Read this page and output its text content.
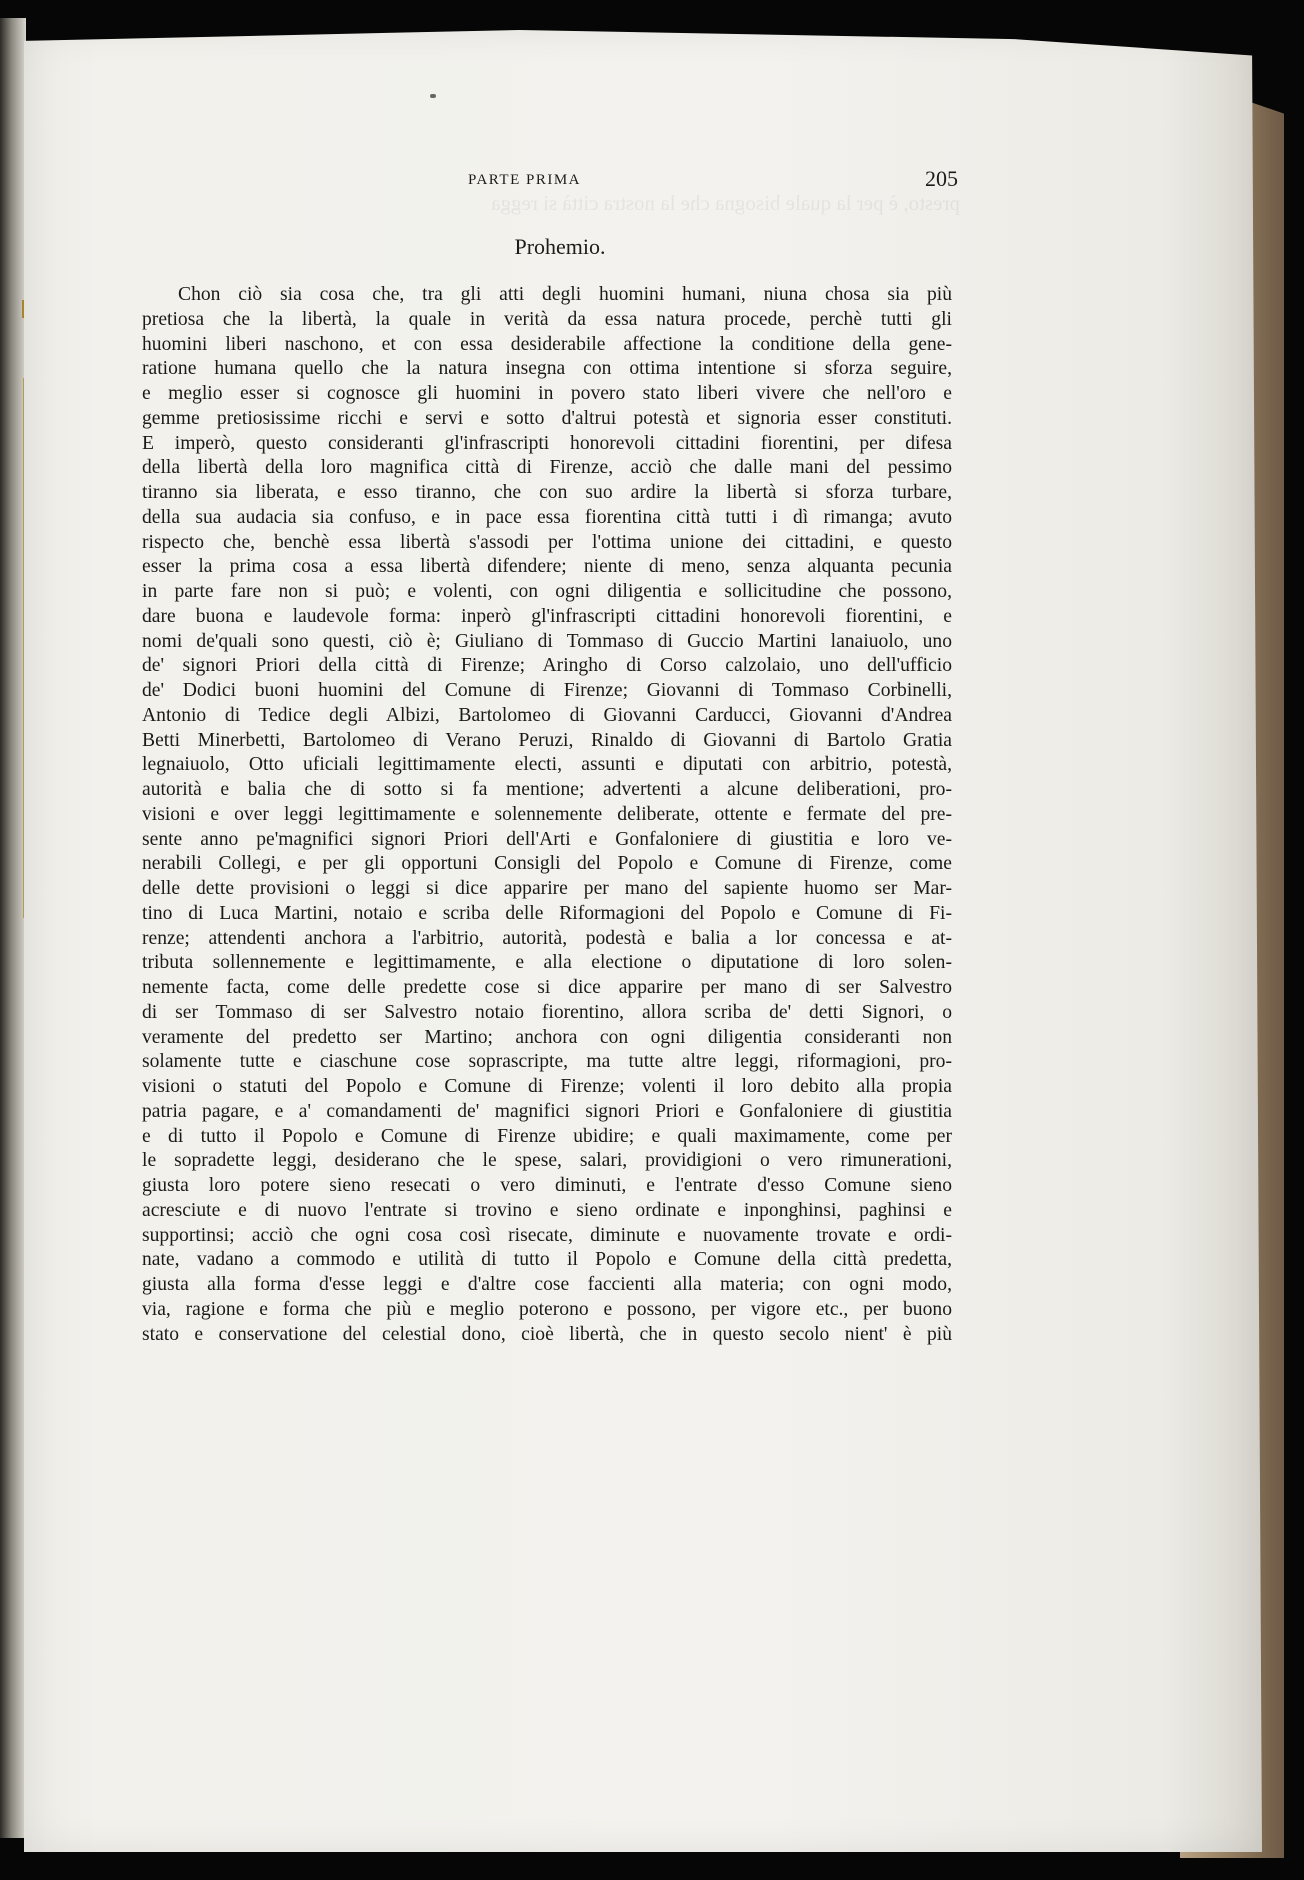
presto, è per la quale bisogna che la nostra città si regga
PARTE PRIMA	205
Prohemio.
Chon ciò sia cosa che, tra gli atti degli huomini humani, niuna chosa sia più
pretiosa che la libertà, la quale in verità da essa natura procede, perchè tutti gli
huomini liberi naschono, et con essa desiderabile affectione la conditione della gene-
ratione humana quello che la natura insegna con ottima intentione si sforza seguire,
e meglio esser si cognosce gli huomini in povero stato liberi vivere che nell'oro e
gemme pretiosissime ricchi e servi e sotto d'altrui potestà et signoria esser constituti.
E imperò, questo consideranti gl'infrascripti honorevoli cittadini fiorentini, per difesa
della libertà della loro magnifica città di Firenze, acciò che dalle mani del pessimo
tiranno sia liberata, e esso tiranno, che con suo ardire la libertà si sforza turbare,
della sua audacia sia confuso, e in pace essa fiorentina città tutti i dì rimanga; avuto
rispecto che, benchè essa libertà s'assodi per l'ottima unione dei cittadini, e questo
esser la prima cosa a essa libertà difendere; niente di meno, senza alquanta pecunia
in parte fare non si può; e volenti, con ogni diligentia e sollicitudine che possono,
dare buona e laudevole forma: inperò gl'infrascripti cittadini honorevoli fiorentini, e
nomi de'quali sono questi, ciò è; Giuliano di Tommaso di Guccio Martini lanaiuolo, uno
de' signori Priori della città di Firenze; Aringho di Corso calzolaio, uno dell'ufficio
de' Dodici buoni huomini del Comune di Firenze; Giovanni di Tommaso Corbinelli,
Antonio di Tedice degli Albizi, Bartolomeo di Giovanni Carducci, Giovanni d'Andrea
Betti Minerbetti, Bartolomeo di Verano Peruzi, Rinaldo di Giovanni di Bartolo Gratia
legnaiuolo, Otto uficiali legittimamente electi, assunti e diputati con arbitrio, potestà,
autorità e balia che di sotto si fa mentione; advertenti a alcune deliberationi, pro-
visioni e over leggi legittimamente e solennemente deliberate, ottente e fermate del pre-
sente anno pe'magnifici signori Priori dell'Arti e Gonfaloniere di giustitia e loro ve-
nerabili Collegi, e per gli opportuni Consigli del Popolo e Comune di Firenze, come
delle dette provisioni o leggi si dice apparire per mano del sapiente huomo ser Mar-
tino di Luca Martini, notaio e scriba delle Riformagioni del Popolo e Comune di Fi-
renze; attendenti anchora a l'arbitrio, autorità, podestà e balia a lor concessa e at-
tributa sollennemente e legittimamente, e alla electione o diputatione di loro solen-
nemente facta, come delle predette cose si dice apparire per mano di ser Salvestro
di ser Tommaso di ser Salvestro notaio fiorentino, allora scriba de' detti Signori, o
veramente del predetto ser Martino; anchora con ogni diligentia consideranti non
solamente tutte e ciaschune cose soprascripte, ma tutte altre leggi, riformagioni, pro-
visioni o statuti del Popolo e Comune di Firenze; volenti il loro debito alla propia
patria pagare, e a' comandamenti de' magnifici signori Priori e Gonfaloniere di giustitia
e di tutto il Popolo e Comune di Firenze ubidire; e quali maximamente, come per
le sopradette leggi, desiderano che le spese, salari, providigioni o vero rimunerationi,
giusta loro potere sieno resecati o vero diminuti, e l'entrate d'esso Comune sieno
acresciute e di nuovo l'entrate si trovino e sieno ordinate e inponghinsi, paghinsi e
supportinsi; acciò che ogni cosa così risecate, diminute e nuovamente trovate e ordi-
nate, vadano a commodo e utilità di tutto il Popolo e Comune della città predetta,
giusta alla forma d'esse leggi e d'altre cose faccienti alla materia; con ogni modo,
via, ragione e forma che più e meglio poterono e possono, per vigore etc., per buono
stato e conservatione del celestial dono, cioè libertà, che in questo secolo nient' è più
